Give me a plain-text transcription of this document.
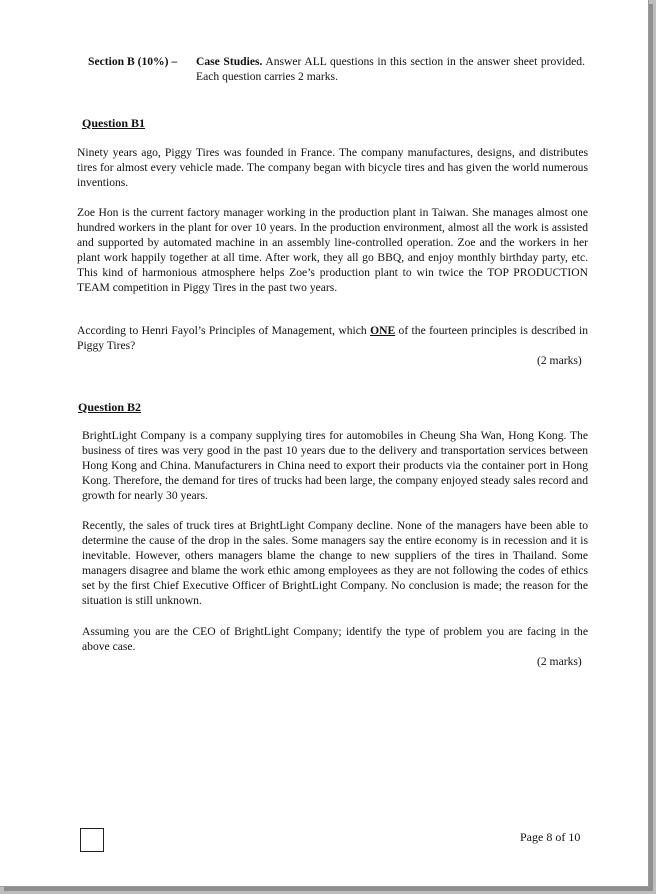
Section B (10%) – Case Studies. Answer ALL questions in this section in the answer sheet provided. Each question carries 2 marks.
Question B1
Ninety years ago, Piggy Tires was founded in France. The company manufactures, designs, and distributes tires for almost every vehicle made. The company began with bicycle tires and has given the world numerous inventions.
Zoe Hon is the current factory manager working in the production plant in Taiwan. She manages almost one hundred workers in the plant for over 10 years. In the production environment, almost all the work is assisted and supported by automated machine in an assembly line-controlled operation. Zoe and the workers in her plant work happily together at all time. After work, they all go BBQ, and enjoy monthly birthday party, etc. This kind of harmonious atmosphere helps Zoe’s production plant to win twice the TOP PRODUCTION TEAM competition in Piggy Tires in the past two years.
According to Henri Fayol’s Principles of Management, which ONE of the fourteen principles is described in Piggy Tires?
(2 marks)
Question B2
BrightLight Company is a company supplying tires for automobiles in Cheung Sha Wan, Hong Kong. The business of tires was very good in the past 10 years due to the delivery and transportation services between Hong Kong and China. Manufacturers in China need to export their products via the container port in Hong Kong. Therefore, the demand for tires of trucks had been large, the company enjoyed steady sales record and growth for nearly 30 years.
Recently, the sales of truck tires at BrightLight Company decline. None of the managers have been able to determine the cause of the drop in the sales. Some managers say the entire economy is in recession and it is inevitable. However, others managers blame the change to new suppliers of the tires in Thailand. Some managers disagree and blame the work ethic among employees as they are not following the codes of ethics set by the first Chief Executive Officer of BrightLight Company. No conclusion is made; the reason for the situation is still unknown.
Assuming you are the CEO of BrightLight Company; identify the type of problem you are facing in the above case.
(2 marks)
Page 8 of 10
